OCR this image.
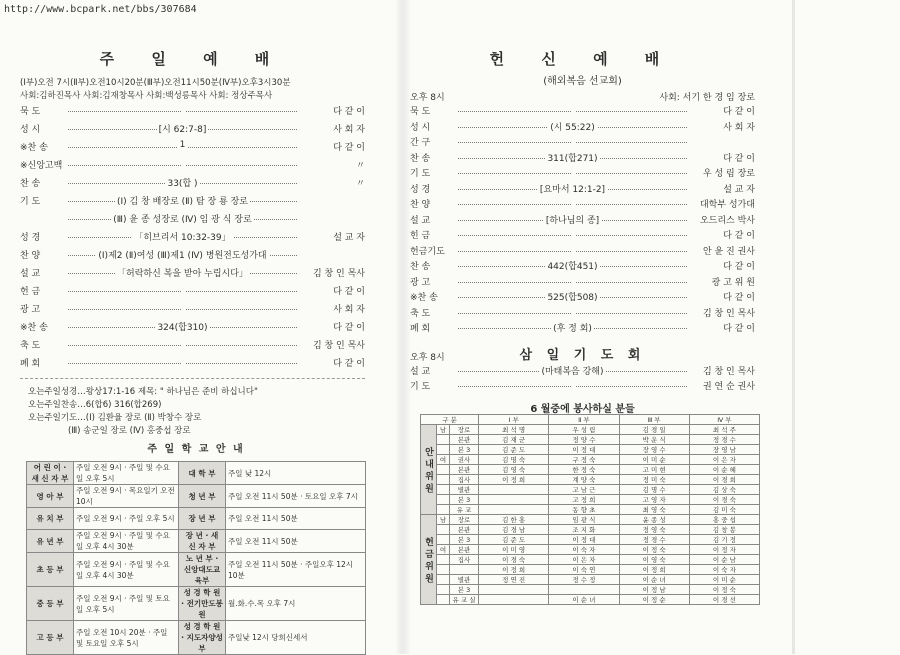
http://www.bcpark.net/bbs/307684
주 일 예 배
(Ⅰ부)오전 7시(Ⅱ부)오전10시20분(Ⅲ부)오전11시50분(Ⅳ부)오후3시30분
사회:김하진목사 사회:김재창목사 사회:백성릉목사 사회: 정상주목사
묵 도	다 같 이
성 시	[시 62:7-8]	사 회 자
※찬 송	1	다 같 이
※신앙고백	〃
찬 송	33(합 )	〃
기 도	(Ⅰ) 김 창 배장로 (Ⅱ) 탐 장 룡 장로
(Ⅲ) 윤 종 성장로 (Ⅳ) 임 광 식 장로
성 경	「히브리서 10:32-39」	설 교 자
찬 양	(Ⅰ)제2 (Ⅱ)여성 (Ⅲ)제1 (Ⅳ) 병원전도성가대
설 교	「허락하신 복을 받아 누립시다」	김 창 인 목사
헌 금	다 같 이
광 고	사 회 자
※찬 송	324(합310)	다 같 이
축 도	김 창 인 목사
폐 회	다 같 이
오는주일성경…왕상17:1-16 제목: " 하나님은 준비 하십니다"
오는주일찬송…6(합6) 316(합269)
오는주일기도…(Ⅰ) 김환율 장로 (Ⅱ) 박창수 장로
(Ⅲ) 송군일 장로 (Ⅳ) 홍중섭 장로
주 일 학 교 안 내
어 린 이 · 새 신 자 부	주일 오전 9시 · 주일 및 수요일 오후 5시	대 학 부	주일 낮 12시
영 아 부	주일 오전 9시 · 목요일기 오전10시	청 년 부	주일 오전 11시 50분 · 토요일 오후 7시
유 치 부	주일 오전 9시 · 주일 오후 5시	장 년 부	주일 오전 11시 50분
유 년 부	주일 오전 9시 · 주일 및 수요일 오후 4시 30분	장 년 · 새 신 자 부	주일 오전 11시 50분
초 등 부	주일 오전 9시 · 주일 및 수요일 오후 4시 30분	노 년 부 · 신앙대도교육부	주일 오전 11시 50분 · 주일오후 12시 10분
중 등 부	주일 오전 9시 · 주일 및 토요일 오후 5시	성 경 학 원 · 전기만도봉원	월.화.수.목 오후 7시
고 등 부	주일 오전 10시 20분 · 주일 및 토요일 오후 5시	성 경 학 원 · 지도자양성부	주일낮 12시 당희신세서
헌 신 예 배
(해외복음 선교회)
오후 8시	사회: 서기 한 경 임 장로
묵 도	다 같 이
성 시	(시 55:22)	사 회 자
간 구
찬 송	311(합271)	다 같 이
기 도	우 성 림 장로
성 경	[요마서 12:1-2]	설 교 자
찬 양	대학부 성가대
설 교	[하나님의 종]	오드리스 박사
힌 금	다 같 이
헌금기도	안 윤 진 권사
찬 송	442(합451)	다 같 이
광 고	광 고 위 원
※찬 송	525(합508)	다 같 이
축 도	김 창 인 목사
폐 회	(후 정 회)	다 같 이
오후 8시	삼 일 기 도 회
설 교	(마태복음 강해)	김 창 인 목사
기 도	권 연 순 권사
6 월중에 봉사하실 분들
구 분			Ⅰ 부	Ⅱ 부	Ⅲ 부	Ⅳ 부
안 내 위 원	남	장로	최 석 명	우 성 림	김 경 일	최 석 주
		본관	김 재 군	정 양 수	박 운 식	정 경 수
		본 3	김 준 도	이 정 대	장 영 수	장 영 남
	여	권사	김 명 숙	구 정 숙	이 미 순	이 은 자
		본관	김 영 숙	한 정 숙	고 미 현	이 순 혜
		집사	이 정 희	계 양 숙	정 미 숙	이 경 희
		별관		고 남 근	김 명 수	김 상 숙
		본 3		고 정 희	고 영 자	이 경 숙
		유 교		동 향 초	최 영 숙	김 미 숙
헌 금 위 원	남	장로	김 한 홍	임 광 식	윤 종 성	홍 중 섭
		본관	김 경 남	조 지 화	정 영 숙	김 창 봉
		본 3	김 준 도	이 정 대	정 경 수	김 기 정
	여	본관	이 미 영	이 숙 자	이 정 숙	이 정 자
		집사	이 경 숙	이 은 자	이 영 숙	이 순 남
			이 정 희	이 숙 연	이 정 희	이 숙 자
		별관	정 연 진	정 수 정	이 순 녀	이 미 순
		본 3			이 정 남	이 정 숙
		유 교 실		이 순 녀	이 정 순	이 경 선
